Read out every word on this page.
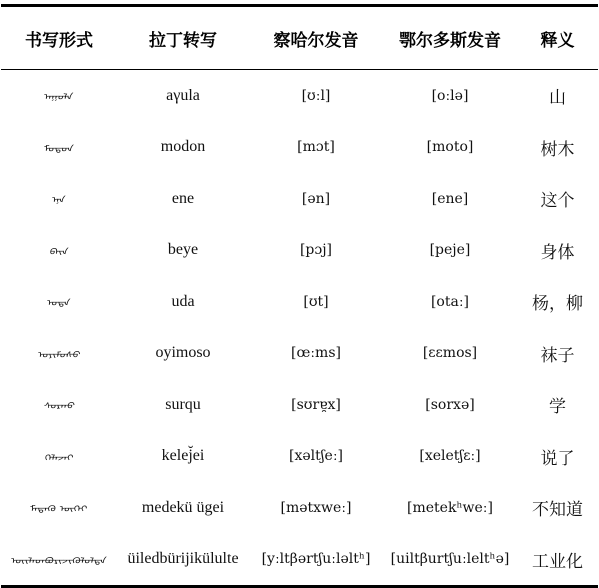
书写形式	拉丁转写	察哈尔发音	鄂尔多斯发音	释义
ᠠᠭᠤᠯᠠ	aγula	[ʊːl]	[oːlə]	山
ᠮᠣᠳᠣᠨ	modon	[mɔt]	[moto]	树木
ᠡᠨᠡ	ene	[ən]	[ene]	这个
ᠪᠡᠶ᠋ᠡ	beye	[pɔj]	[peje]	身体
ᠤᠳᠠ	uda	[ʊt]	[otaː]	杨，柳
ᠣᠶᠢᠮᠣᠰᠤ	oyimoso	[œːms]	[ɛɛmos]	袜子
ᠰᠤᠷᠬᠤ	surqu	[sʊrɐ̯x]	[sorxə]	学
ᠬᠡᠯᠡᠵᠡᠢ	kelej̆ei	[xəltʃeː]	[xeletʃɛː]	说了
ᠮᠡᠳᠡᠬᠦ ᠦᠭᠡᠢ	medekü ügei	[mətxweː]	[metekʰweː]	不知道
ᠦᠢᠯᠡᠳᠪᠦᠷᠢᠵᠢᠬᠦᠯᠦᠯᠲᠡ	üiledbürijikülulte	[yːltβərtʃuːləltʰ]	[uiltβurtʃuːleltʰə]	工业化
